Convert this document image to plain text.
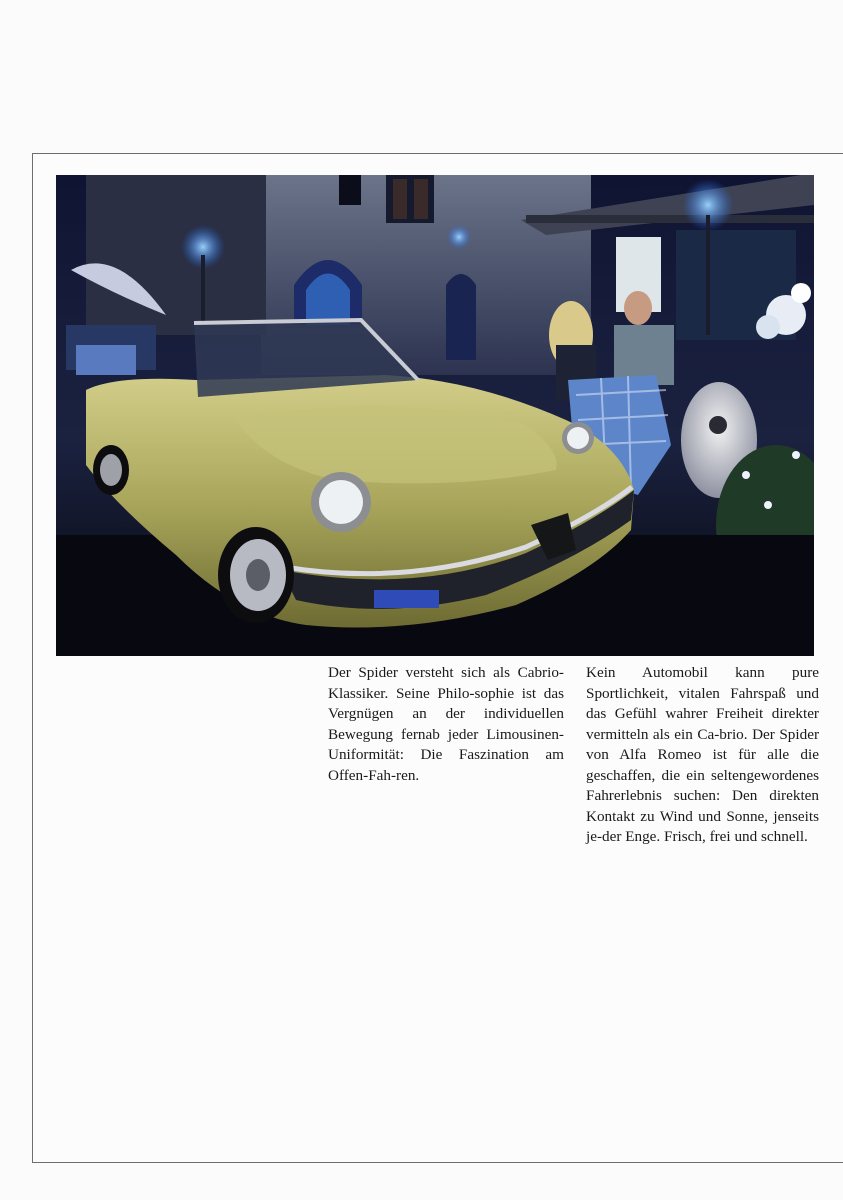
Der Spider versteht sich als Cabrio-Klassiker. Seine Philo-sophie ist das Vergnügen an der individuellen Bewegung fernab jeder Limousinen-Uniformität: Die Faszination am Offen-Fah-ren.

Kein Automobil kann pure Sportlichkeit, vitalen Fahrspaß und das Gefühl wahrer Freiheit direkter vermitteln als ein Ca-brio. Der Spider von Alfa Romeo ist für alle die geschaffen, die ein seltengewordenes Fahrerlebnis suchen: Den direkten Kontakt zu Wind und Sonne, jenseits je-der Enge. Frisch, frei und schnell.
